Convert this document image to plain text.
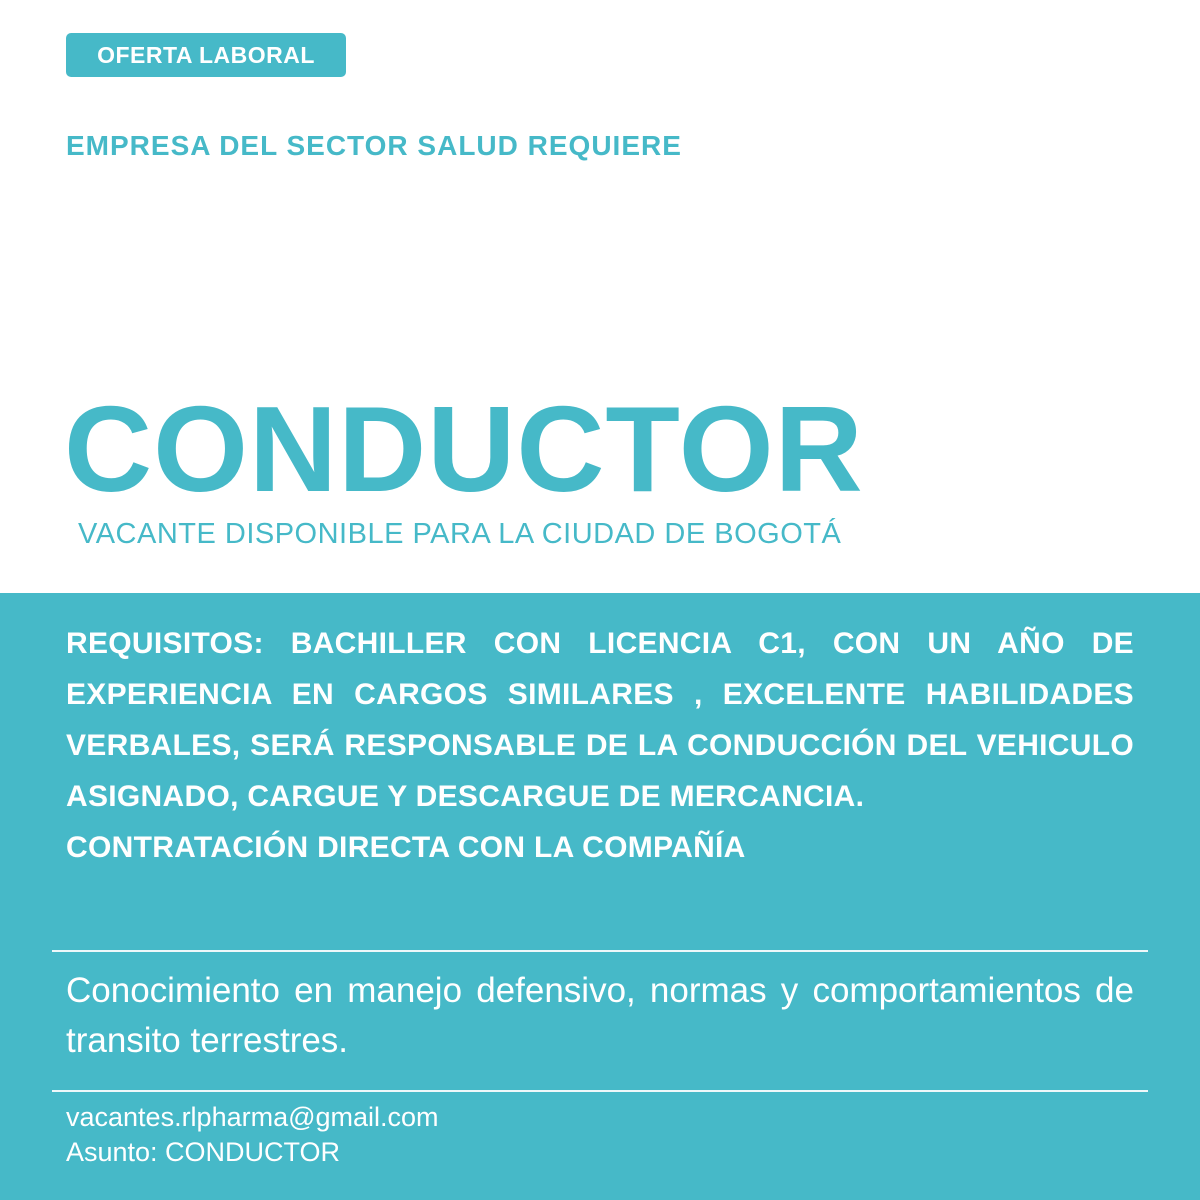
OFERTA LABORAL
EMPRESA DEL SECTOR SALUD REQUIERE
CONDUCTOR
VACANTE DISPONIBLE PARA LA CIUDAD DE BOGOTÁ

REQUISITOS: BACHILLER CON LICENCIA C1, CON UN AÑO DE EXPERIENCIA EN CARGOS SIMILARES , EXCELENTE HABILIDADES VERBALES, SERÁ RESPONSABLE DE LA CONDUCCIÓN DEL VEHICULO ASIGNADO, CARGUE Y DESCARGUE DE MERCANCIA.

CONTRATACIÓN DIRECTA CON LA COMPAÑÍA

Conocimiento en manejo defensivo, normas y comportamientos de transito terrestres.
vacantes.rlpharma@gmail.com
Asunto: CONDUCTOR
